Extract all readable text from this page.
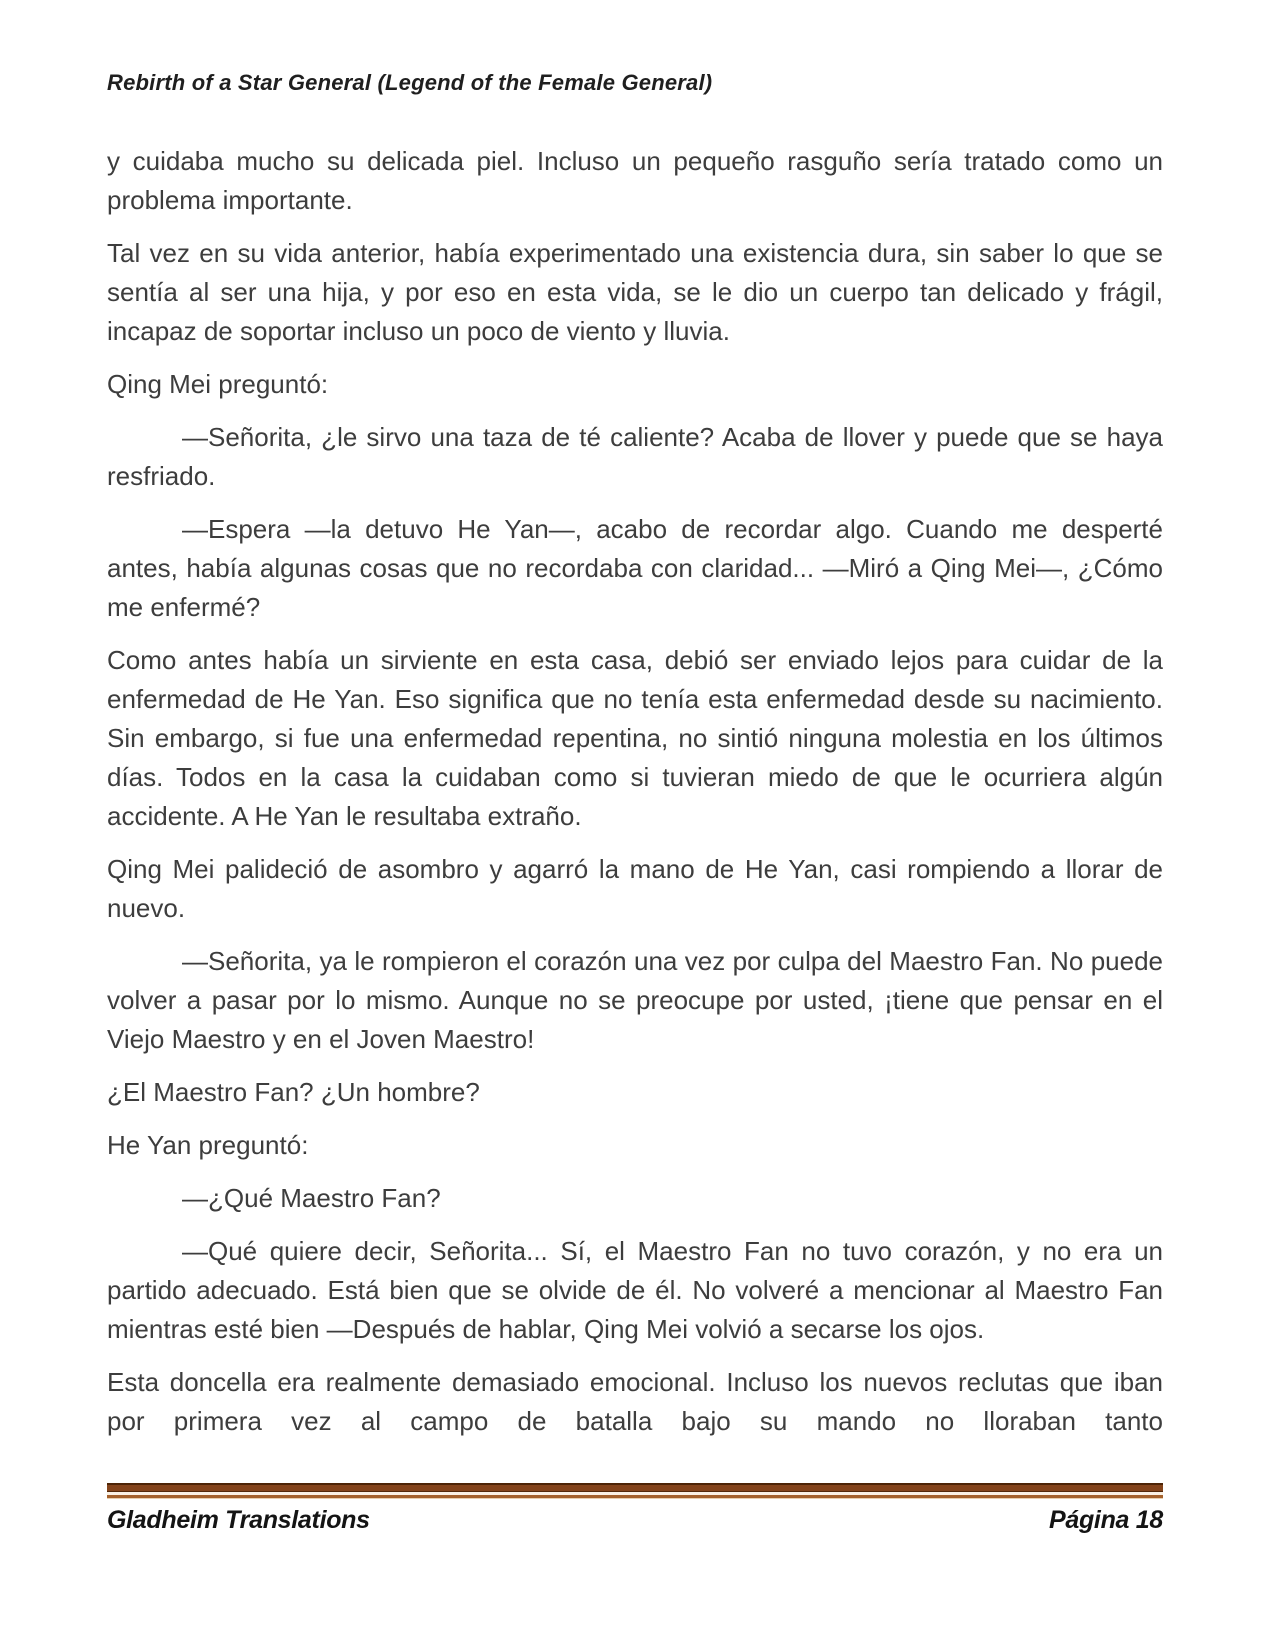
Rebirth of a Star General (Legend of the Female General)

y cuidaba mucho su delicada piel. Incluso un pequeño rasguño sería tratado como un problema importante.

Tal vez en su vida anterior, había experimentado una existencia dura, sin saber lo que se sentía al ser una hija, y por eso en esta vida, se le dio un cuerpo tan delicado y frágil, incapaz de soportar incluso un poco de viento y lluvia.

Qing Mei preguntó:

—Señorita, ¿le sirvo una taza de té caliente? Acaba de llover y puede que se haya resfriado.

—Espera —la detuvo He Yan—, acabo de recordar algo. Cuando me desperté antes, había algunas cosas que no recordaba con claridad... —Miró a Qing Mei—, ¿Cómo me enfermé?

Como antes había un sirviente en esta casa, debió ser enviado lejos para cuidar de la enfermedad de He Yan. Eso significa que no tenía esta enfermedad desde su nacimiento. Sin embargo, si fue una enfermedad repentina, no sintió ninguna molestia en los últimos días. Todos en la casa la cuidaban como si tuvieran miedo de que le ocurriera algún accidente. A He Yan le resultaba extraño.

Qing Mei palideció de asombro y agarró la mano de He Yan, casi rompiendo a llorar de nuevo.

—Señorita, ya le rompieron el corazón una vez por culpa del Maestro Fan. No puede volver a pasar por lo mismo. Aunque no se preocupe por usted, ¡tiene que pensar en el Viejo Maestro y en el Joven Maestro!

¿El Maestro Fan? ¿Un hombre?

He Yan preguntó:

—¿Qué Maestro Fan?

—Qué quiere decir, Señorita... Sí, el Maestro Fan no tuvo corazón, y no era un partido adecuado. Está bien que se olvide de él. No volveré a mencionar al Maestro Fan mientras esté bien —Después de hablar, Qing Mei volvió a secarse los ojos.

Esta doncella era realmente demasiado emocional. Incluso los nuevos reclutas que iban por primera vez al campo de batalla bajo su mando no lloraban tanto

Gladheim Translations	Página 18
